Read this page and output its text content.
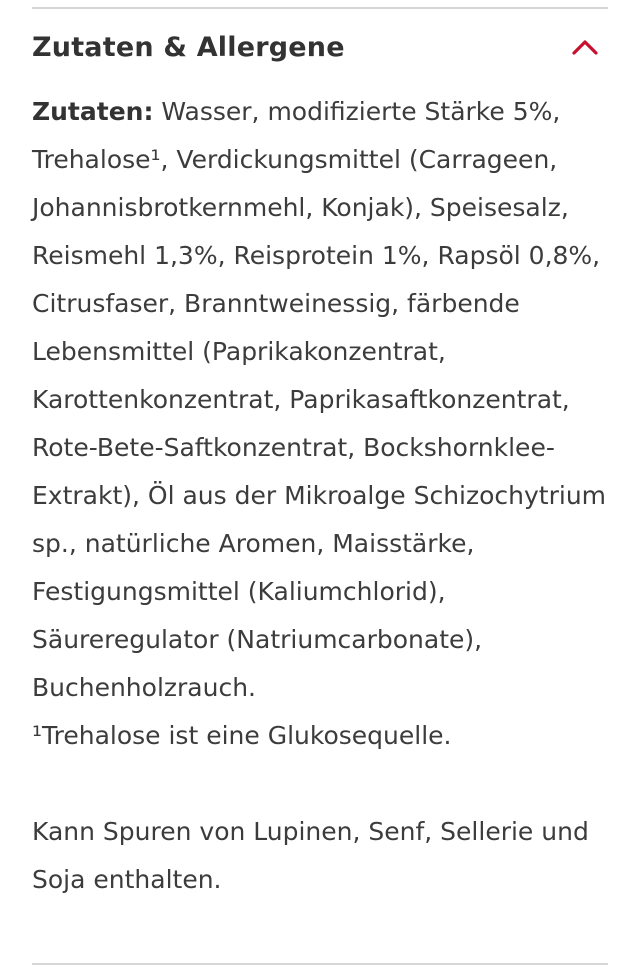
Zutaten & Allergene

Zutaten: Wasser, modifizierte Stärke 5%, Trehalose¹, Verdickungsmittel (Carrageen, Johannisbrotkernmehl, Konjak), Speisesalz, Reismehl 1,3%, Reisprotein 1%, Rapsöl 0,8%, Citrusfaser, Branntweinessig, färbende Lebensmittel (Paprikakonzentrat, Karottenkonzentrat, Paprikasaftkonzentrat, Rote-Bete-Saftkonzentrat, Bockshornklee-Extrakt), Öl aus der Mikroalge Schizochytrium sp., natürliche Aromen, Maisstärke, Festigungsmittel (Kaliumchlorid), Säureregulator (Natriumcarbonate), Buchenholzrauch.

¹Trehalose ist eine Glukosequelle.

Kann Spuren von Lupinen, Senf, Sellerie und Soja enthalten.
